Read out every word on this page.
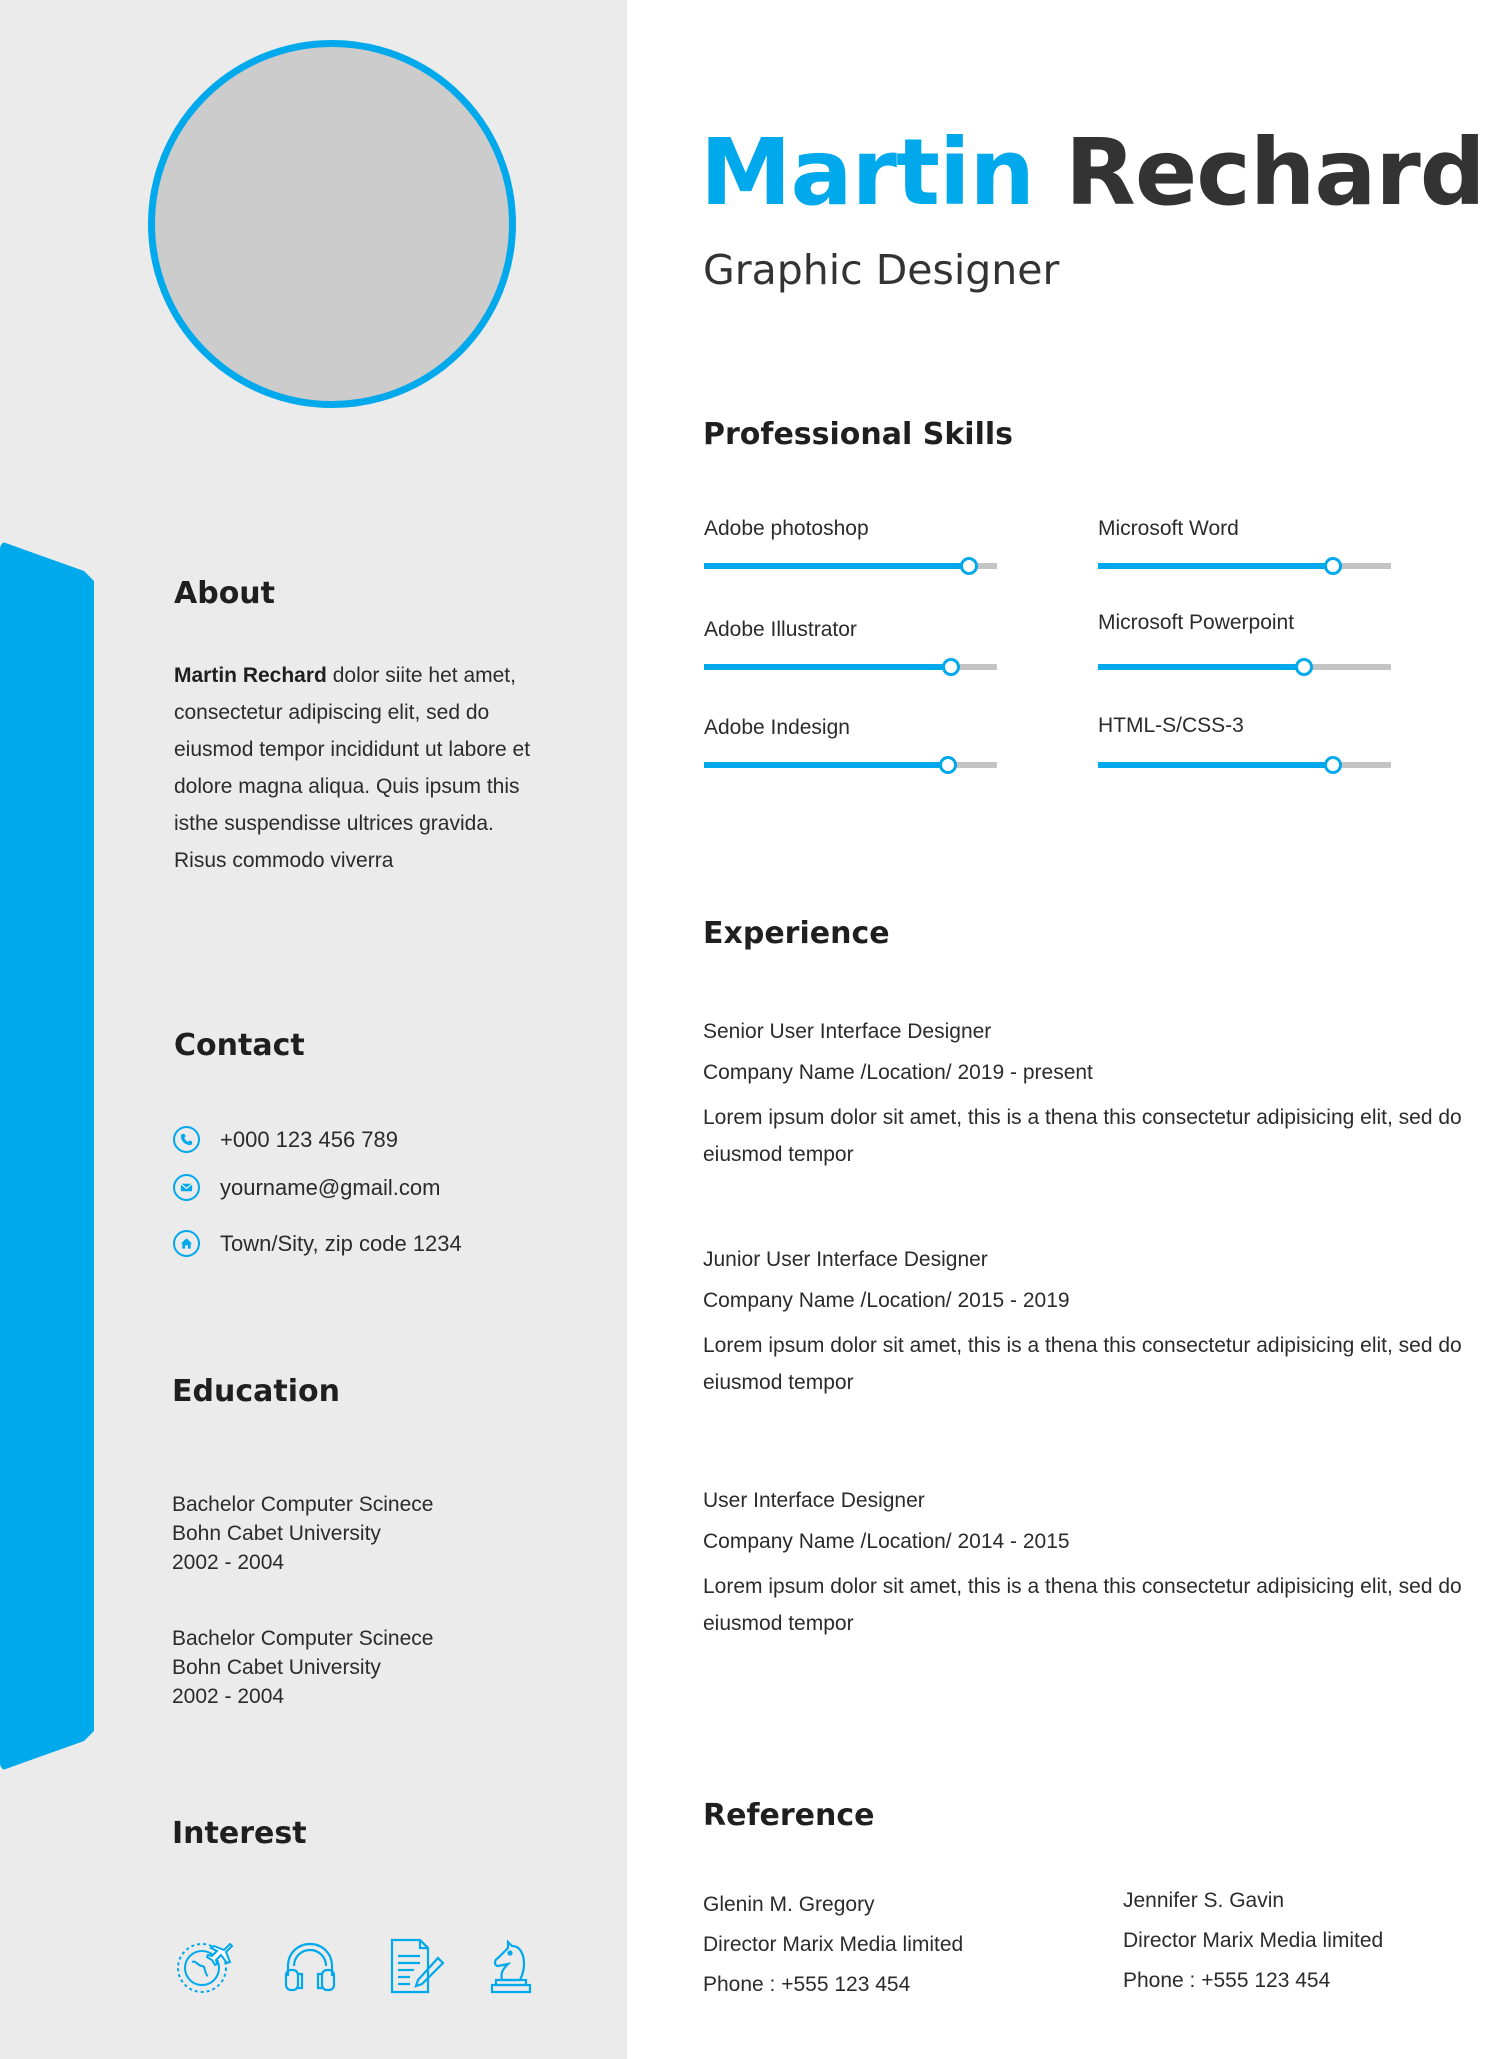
About

Martin Rechard dolor siite het amet, consectetur adipiscing elit, sed do eiusmod tempor incididunt ut labore et dolore magna aliqua. Quis ipsum this isthe suspendisse ultrices gravida. Risus commodo viverra

Contact
+000 123 456 789
yourname@gmail.com
Town/Sity, zip code 1234
Education
Bachelor Computer Scinece
Bohn Cabet University
2002 - 2004
Bachelor Computer Scinece
Bohn Cabet University
2002 - 2004
Interest
Martin Rechard
Graphic Designer
Professional Skills
Adobe photoshop	Microsoft Word
Adobe Illustrator	Microsoft Powerpoint
Adobe Indesign	HTML-S/CSS-3
Experience
Senior User Interface Designer
Company Name /Location/ 2019 - present
Lorem ipsum dolor sit amet, this is a thena this consectetur adipisicing elit, sed do eiusmod tempor
Junior User Interface Designer
Company Name /Location/ 2015 - 2019
Lorem ipsum dolor sit amet, this is a thena this consectetur adipisicing elit, sed do eiusmod tempor
User Interface Designer
Company Name /Location/ 2014 - 2015
Lorem ipsum dolor sit amet, this is a thena this consectetur adipisicing elit, sed do eiusmod tempor
Reference
Glenin M. Gregory
Director Marix Media limited
Phone : +555 123 454
Jennifer S. Gavin
Director Marix Media limited
Phone : +555 123 454
